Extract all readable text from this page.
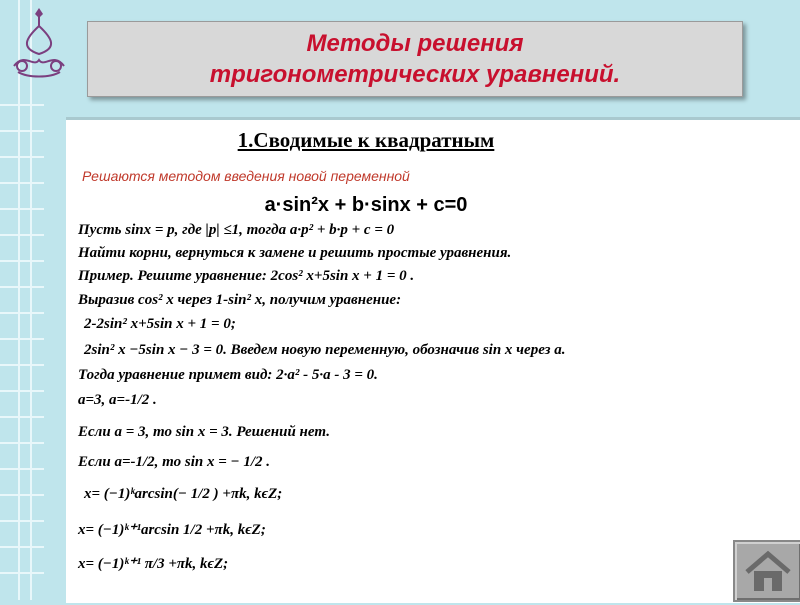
Методы решения тригонометрических уравнений.
1.Сводимые к квадратным
Решаются методом введения новой переменной
a·sin²x + b·sinx + c=0
Пусть sinx = p, где |p| ≤1, тогда a·p² + b·p + c = 0
Найти корни, вернуться к замене и решить простые уравнения.
Пример. Решите уравнение: 2cos² x+5sin x + 1 = 0 .
Выразив cos² x через 1-sin² x, получим уравнение:
2-2sin² x+5sin x + 1 = 0;
2sin² x −5sin x − 3 = 0. Введем новую переменную, обозначив sin x через a.
Тогда уравнение примет вид: 2·a² - 5·a - 3 = 0.
a=3, a=-1/2 .
Если a = 3, то sin x = 3. Решений нет.
Если a=-1/2, то sin x = − 1/2 .
x= (−1)ᵏarcsin(− 1/2 ) +πk, kϵZ;
x= (−1)ᵏ⁺¹arcsin 1/2 +πk, kϵZ;
x= (−1)ᵏ⁺¹ π/3 +πk, kϵZ;
